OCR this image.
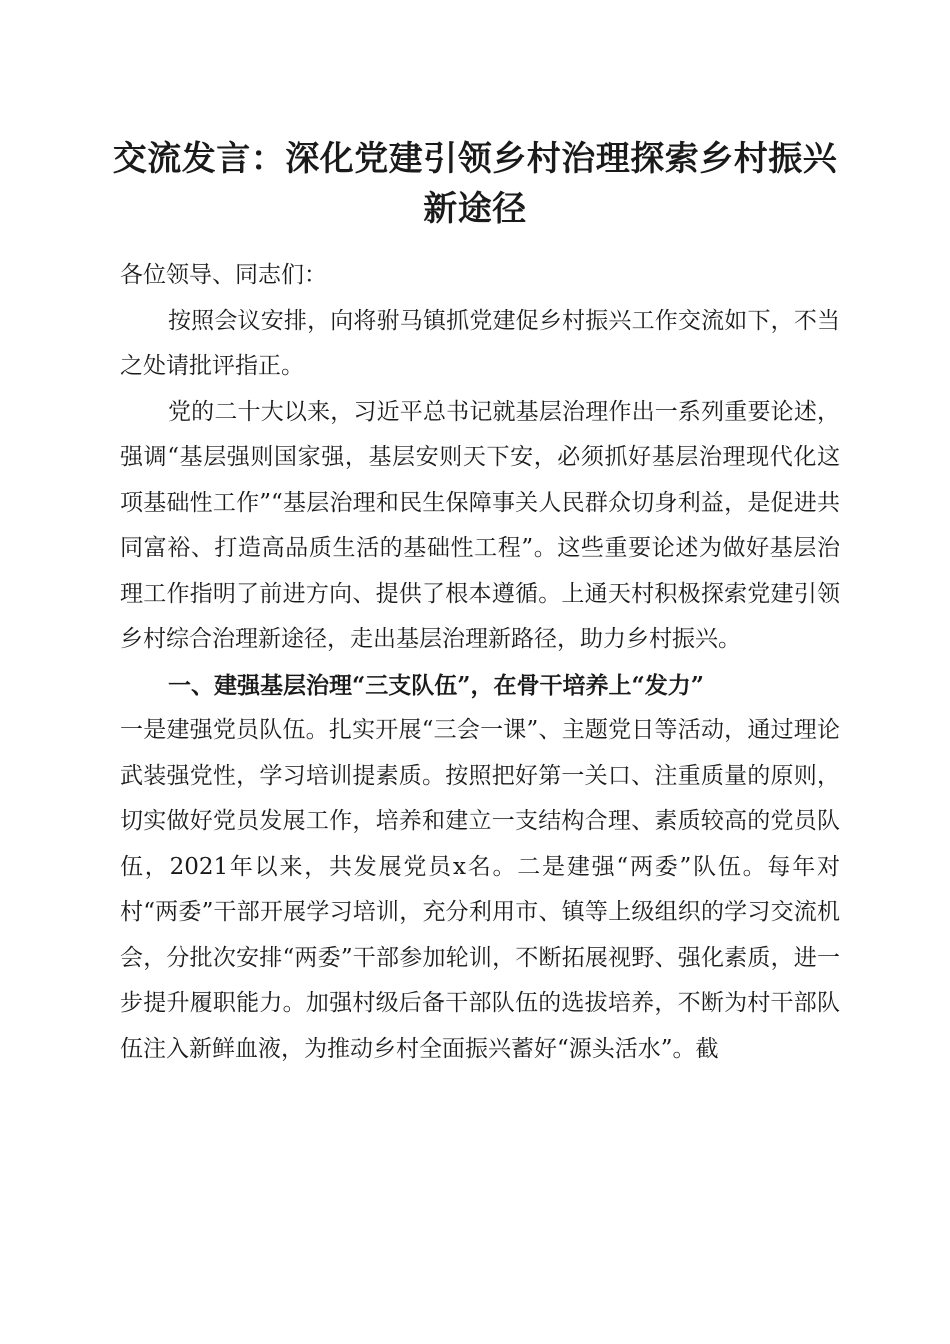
交流发言：深化党建引领乡村治理探索乡村振兴新途径

各位领导、同志们：

按照会议安排，向将驸马镇抓党建促乡村振兴工作交流如下，不当之处请批评指正。

党的二十大以来，习近平总书记就基层治理作出一系列重要论述，强调“基层强则国家强，基层安则天下安，必须抓好基层治理现代化这项基础性工作”“基层治理和民生保障事关人民群众切身利益，是促进共同富裕、打造高品质生活的基础性工程”。这些重要论述为做好基层治理工作指明了前进方向、提供了根本遵循。上通天村积极探索党建引领乡村综合治理新途径，走出基层治理新路径，助力乡村振兴。

一、建强基层治理“三支队伍”，在骨干培养上“发力”

一是建强党员队伍。扎实开展“三会一课”、主题党日等活动，通过理论武装强党性，学习培训提素质。按照把好第一关口、注重质量的原则，切实做好党员发展工作，培养和建立一支结构合理、素质较高的党员队伍，2021年以来，共发展党员x名。二是建强“两委”队伍。每年对村“两委”干部开展学习培训，充分利用市、镇等上级组织的学习交流机会，分批次安排“两委”干部参加轮训，不断拓展视野、强化素质，进一步提升履职能力。加强村级后备干部队伍的选拔培养，不断为村干部队伍注入新鲜血液，为推动乡村全面振兴蓄好“源头活水”。截
